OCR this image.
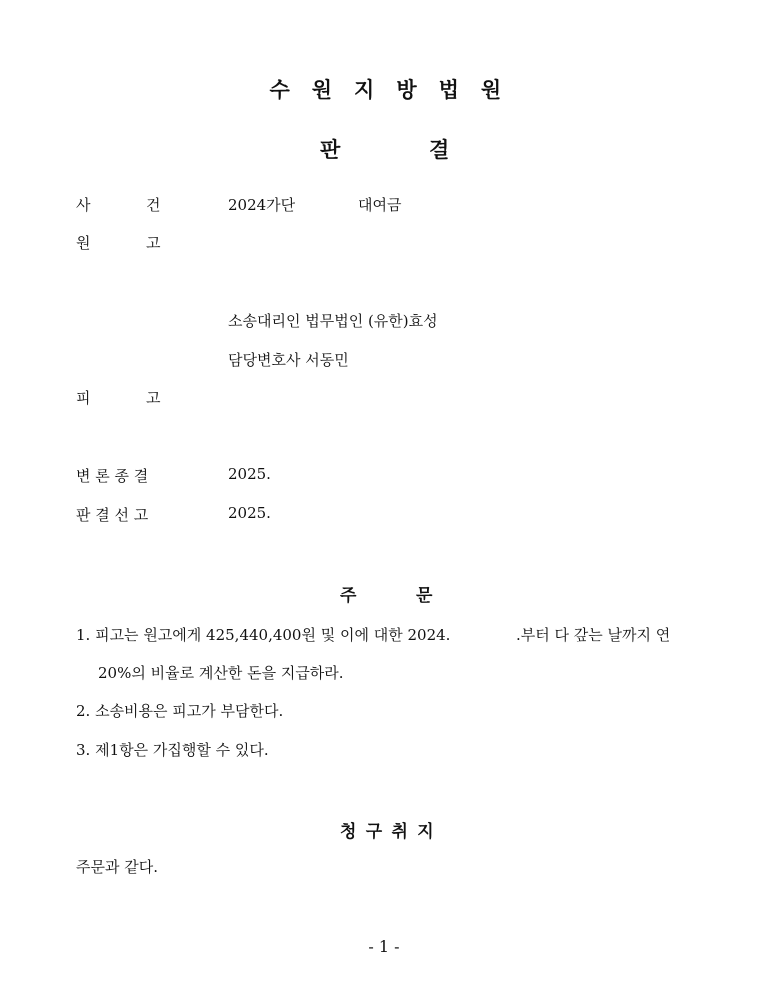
수 원 지 방 법 원
판	결
사	건	2024가단	대여금
원	고
소송대리인 법무법인 (유한)효성
담당변호사 서동민
피	고
변 론 종 결	2025.
판 결 선 고	2025.
주	문
1. 피고는 원고에게 425,440,400원 및 이에 대한 2024.	.부터 다 갚는 날까지 연
20%의 비율로 계산한 돈을 지급하라.
2. 소송비용은 피고가 부담한다.
3. 제1항은 가집행할 수 있다.
청 구 취 지
주문과 같다.
- 1 -
